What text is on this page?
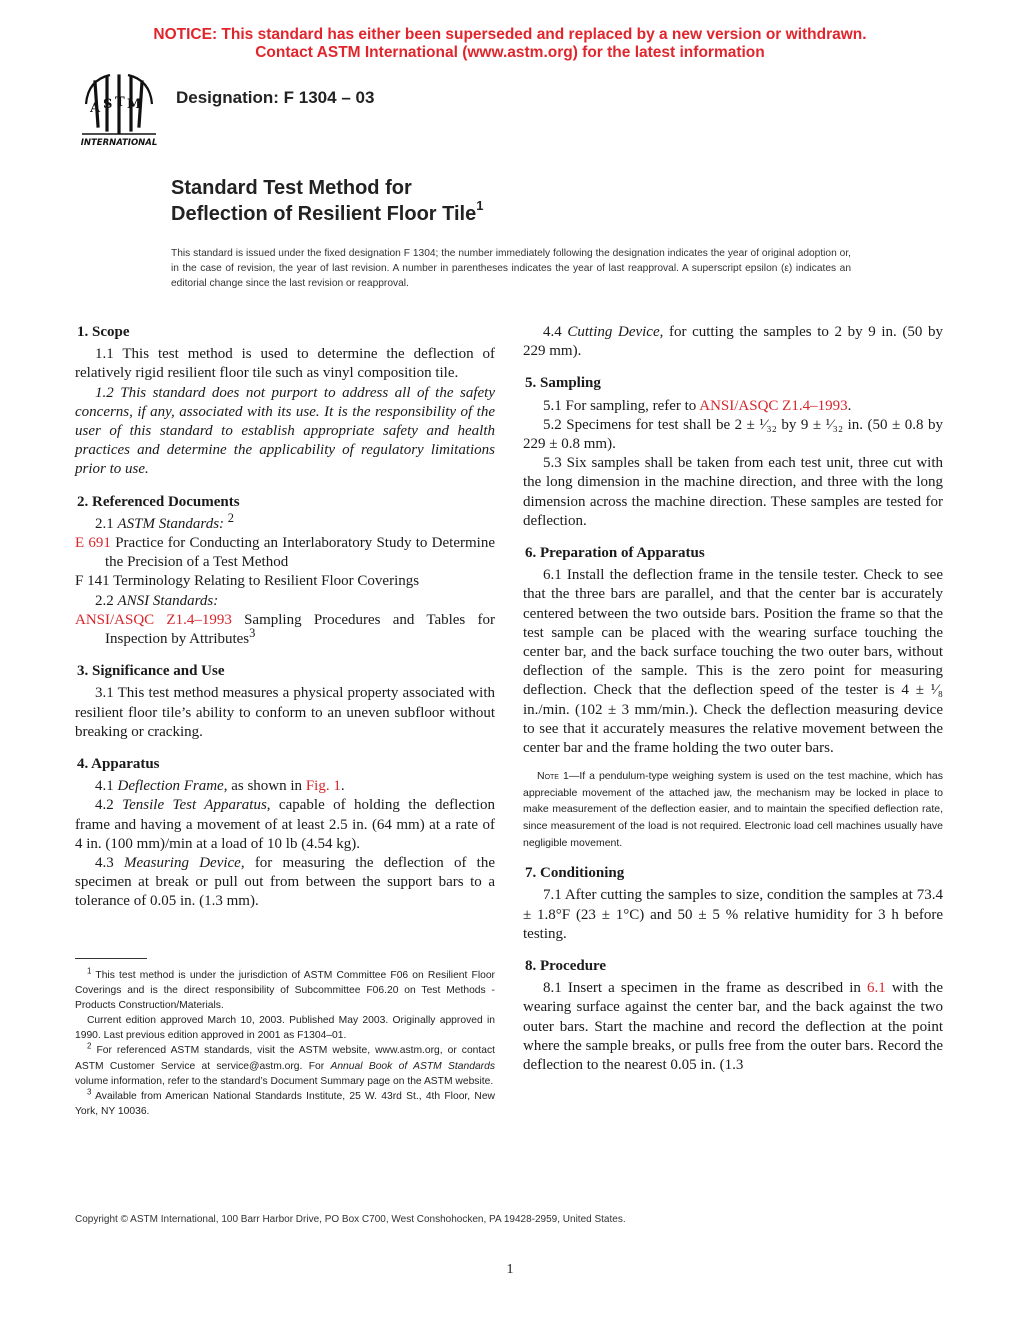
NOTICE: This standard has either been superseded and replaced by a new version or withdrawn.
Contact ASTM International (www.astm.org) for the latest information
A S T M
INTERNATIONAL
Designation: F 1304 – 03
Standard Test Method for
Deflection of Resilient Floor Tile$^1$
This standard is issued under the fixed designation F 1304; the number immediately following the designation indicates the year of original adoption or, in the case of revision, the year of last revision. A number in parentheses indicates the year of last reapproval. A superscript epsilon (ε) indicates an editorial change since the last revision or reapproval.
1. Scope

1.1 This test method is used to determine the deflection of relatively rigid resilient floor tile such as vinyl composition tile.

1.2 This standard does not purport to address all of the safety concerns, if any, associated with its use. It is the responsibility of the user of this standard to establish appropriate safety and health practices and determine the applicability of regulatory limitations prior to use.

2. Referenced Documents

2.1 ASTM Standards: $^2$

E 691 Practice for Conducting an Interlaboratory Study to Determine the Precision of a Test Method
F 141 Terminology Relating to Resilient Floor Coverings

2.2 ANSI Standards:

ANSI/ASQC Z1.4–1993 Sampling Procedures and Tables for Inspection by Attributes$^3$
3. Significance and Use

3.1 This test method measures a physical property associated with resilient floor tile’s ability to conform to an uneven subfloor without breaking or cracking.

4. Apparatus

4.1 Deflection Frame, as shown in Fig. 1.

4.2 Tensile Test Apparatus, capable of holding the deflection frame and having a movement of at least 2.5 in. (64 mm) at a rate of 4 in. (100 mm)/min at a load of 10 lb (4.54 kg).

4.3 Measuring Device, for measuring the deflection of the specimen at break or pull out from between the support bars to a tolerance of 0.05 in. (1.3 mm).

$^1$ This test method is under the jurisdiction of ASTM Committee F06 on Resilient Floor Coverings and is the direct responsibility of Subcommittee F06.20 on Test Methods - Products Construction/Materials.

Current edition approved March 10, 2003. Published May 2003. Originally approved in 1990. Last previous edition approved in 2001 as F1304–01.

$^2$ For referenced ASTM standards, visit the ASTM website, www.astm.org, or contact ASTM Customer Service at service@astm.org. For Annual Book of ASTM Standards volume information, refer to the standard’s Document Summary page on the ASTM website.

$^3$ Available from American National Standards Institute, 25 W. 43rd St., 4th Floor, New York, NY 10036.

4.4 Cutting Device, for cutting the samples to 2 by 9 in. (50 by 229 mm).

5. Sampling

5.1 For sampling, refer to ANSI/ASQC Z1.4–1993.

5.2 Specimens for test shall be 2 ± ¹⁄₃₂ by 9 ± ¹⁄₃₂ in. (50 ± 0.8 by 229 ± 0.8 mm).

5.3 Six samples shall be taken from each test unit, three cut with the long dimension in the machine direction, and three with the long dimension across the machine direction. These samples are tested for deflection.

6. Preparation of Apparatus

6.1 Install the deflection frame in the tensile tester. Check to see that the three bars are parallel, and that the center bar is accurately centered between the two outside bars. Position the frame so that the test sample can be placed with the wearing surface touching the center bar, and the back surface touching the two outer bars, without deflection of the sample. This is the zero point for measuring deflection. Check that the deflection speed of the tester is 4 ± ¹⁄₈ in./min. (102 ± 3 mm/min.). Check the deflection measuring device to see that it accurately measures the relative movement between the center bar and the frame holding the two outer bars.

Note 1—If a pendulum-type weighing system is used on the test machine, which has appreciable movement of the attached jaw, the mechanism may be locked in place to make measurement of the deflection easier, and to maintain the specified deflection rate, since measurement of the load is not required. Electronic load cell machines usually have negligible movement.

7. Conditioning

7.1 After cutting the samples to size, condition the samples at 73.4 ± 1.8°F (23 ± 1°C) and 50 ± 5 % relative humidity for 3 h before testing.

8. Procedure

8.1 Insert a specimen in the frame as described in 6.1 with the wearing surface against the center bar, and the back against the two outer bars. Start the machine and record the deflection at the point where the sample breaks, or pulls free from the outer bars. Record the deflection to the nearest 0.05 in. (1.3

Copyright © ASTM International, 100 Barr Harbor Drive, PO Box C700, West Conshohocken, PA 19428-2959, United States.
1
